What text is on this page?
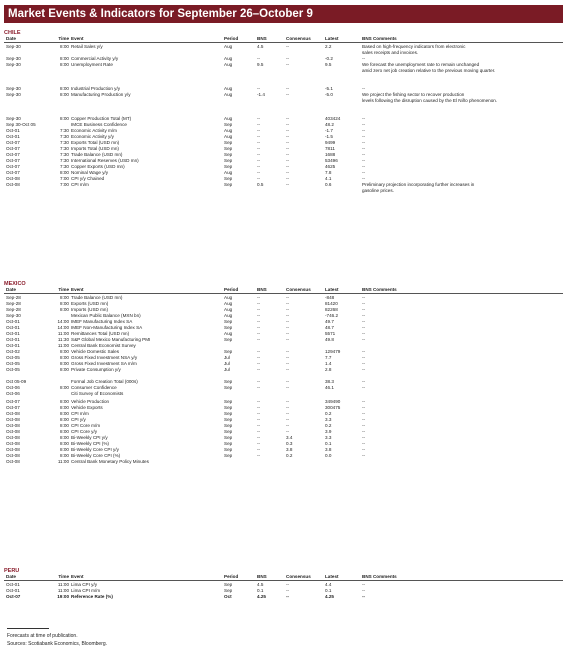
Market Events & Indicators for September 26–October 9
CHILE
Date	Time Event	Period	BNS	Consensus	Latest	BNS Comments
Sep-30	8:00 Retail Sales y/y	Aug	4.5	--	2.2	Based on high-frequency indicators from electronic
sales receipts and invoices.
Sep-30	8:00 Commercial Activity y/y	Aug	--	--	-0.2	--
Sep-30	8:00 Unemployment Rate	Aug	9.5	--	9.5	We forecast the unemployment rate to remain unchanged
amid zero net job creation relative to the previous moving quarter.
Sep-30	8:00 Industrial Production y/y	Aug	--	--	-5.1	--
Sep-30	8:00 Manufacturing Production y/y	Aug	-1.4	--	-5.0	We project the fishing sector to recover production
levels following the disruption caused by the El Niño phenomenon.
Sep-30	8:00 Copper Production Total (MT)	Aug	--	--	403424	--
Sep 30-Oct 05	IMCE Business Confidence	Sep	--	--	48.2	--
Oct-01	7:30 Economic Activity m/m	Aug	--	--	-1.7	--
Oct-01	7:30 Economic Activity y/y	Aug	--	--	-1.5	--
Oct-07	7:30 Exports Total (USD mn)	Sep	--	--	9499	--
Oct-07	7:30 Imports Total (USD mn)	Sep	--	--	7811	--
Oct-07	7:30 Trade Balance (USD mn)	Sep	--	--	1688	--
Oct-07	7:30 International Reserves (USD mn)	Sep	--	--	53496	--
Oct-07	7:30 Copper Exports (USD mn)	Sep	--	--	4625	--
Oct-07	8:00 Nominal Wage y/y	Aug	--	--	7.8	--
Oct-08	7:00 CPI y/y Chained	Sep	--	--	4.1	--
Oct-08	7:00 CPI m/m	Sep	0.5	--	0.6	Preliminary projection incorporating further increases in
gasoline prices.
MEXICO
Date	Time Event	Period	BNS	Consensus	Latest	BNS Comments
Sep-28	8:00 Trade Balance (USD mn)	Aug	--	--	-848	--
Sep-28	8:00 Exports (USD mn)	Aug	--	--	81420	--
Sep-28	8:00 Imports (USD mn)	Aug	--	--	82268	--
Sep-30	Mexican Public Balance (MXN bn)	Aug	--	--	-746.2	--
Oct-01	14:00 IMEF Manufacturing Index SA	Sep	--	--	49.7	--
Oct-01	14:00 IMEF Non-Manufacturing Index SA	Sep	--	--	48.7	--
Oct-01	11:00 Remittances Total (USD mn)	Aug	--	--	5571	--
Oct-01	11:30 S&P Global Mexico Manufacturing PMI	Sep	--	--	49.8	--
Oct-01	11:00 Central Bank Economist Survey
Oct-02	8:00 Vehicle Domestic Sales	Sep	--	--	129479	--
Oct-05	8:00 Gross Fixed Investment NSA y/y	Jul	--	--	7.7	--
Oct-05	8:00 Gross Fixed Investment SA m/m	Jul	--	--	1.4	--
Oct-05	8:00 Private Consumption y/y	Jul	--	--	2.8	--
Oct 05-09	Formal Job Creation Total (000s)	Sep	--	--	38.3	--
Oct-06	8:00 Consumer Confidence	Sep	--	--	46.1	--
Oct-06	Citi Survey of Economists
Oct-07	8:00 Vehicle Production	Sep	--	--	349490	--
Oct-07	8:00 Vehicle Exports	Sep	--	--	300475	--
Oct-08	8:00 CPI m/m	Sep	--	--	0.2	--
Oct-08	8:00 CPI y/y	Sep	--	--	3.3	--
Oct-08	8:00 CPI Core m/m	Sep	--	--	0.2	--
Oct-08	8:00 CPI Core y/y	Sep	--	--	3.9	--
Oct-08	8:00 Bi-Weekly CPI y/y	Sep	--	3.4	3.3	--
Oct-08	8:00 Bi-Weekly CPI (%)	Sep	--	0.3	0.1	--
Oct-08	8:00 Bi-Weekly Core CPI y/y	Sep	--	3.8	3.8	--
Oct-08	8:00 Bi-Weekly Core CPI (%)	Sep	--	0.2	0.0	--
Oct-08	11:00 Central Bank Monetary Policy Minutes
PERU
Date	Time Event	Period	BNS	Consensus	Latest	BNS Comments
Oct-01	11:00 Lima CPI y/y	Sep	4.5	--	4.4	--
Oct-01	11:00 Lima CPI m/m	Sep	0.1	--	0.1	--
Oct-07	19:00 Reference Rate (%)	Oct	4.25	--	4.25	--
Forecasts at time of publication.
Sources: Scotiabank Economics, Bloomberg.
